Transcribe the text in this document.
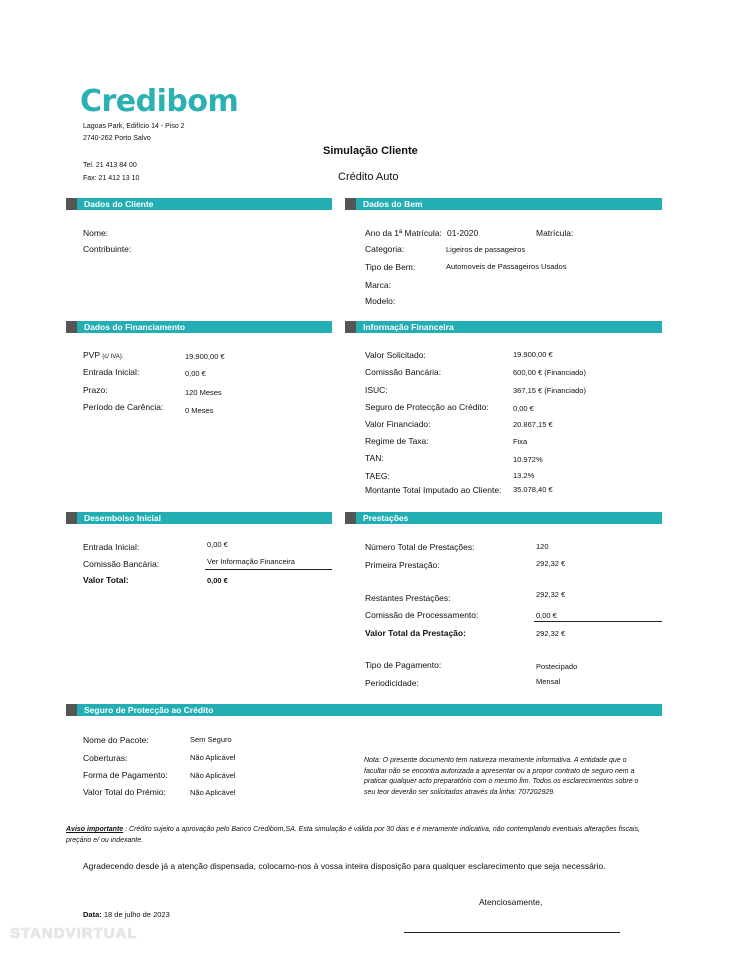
Credibom
Lagoas Park, Edifício 14 - Piso 2
2740-262 Porto Salvo
Tel. 21 413 84 00
Fax: 21 412 13 10
Simulação Cliente
Crédito Auto
Dados do Cliente
Nome:
Contribuinte:
Dados do Bem
Ano da 1ª Matrícula: 01-2020	Matrícula:
Categoria:	Ligeiros de passageiros
Tipo de Bem:	Automoveis de Passageiros Usados
Marca:
Modelo:
Dados do Financiamento
PVP (c/ IVA):	19.900,00 €
Entrada Inicial:	0,00 €
Prazo:	120 Meses
Período de Carência:	0 Meses
Informação Financeira
Valor Solicitado:	19.900,00 €
Comissão Bancária:	600,00 € (Financiado)
ISUC:	367,15 € (Financiado)
Seguro de Protecção ao Crédito:	0,00 €
Valor Financiado:	20.867,15 €
Regime de Taxa:	Fixa
TAN:	10.972%
TAEG:	13.2%
Montante Total Imputado ao Cliente: 35.078,40 €
Desembolso Inicial
Entrada Inicial:	0,00 €
Comissão Bancária:	Ver Informação Financeira
Valor Total:	0,00 €
Prestações
Número Total de Prestações:	120
Primeira Prestação:	292,32 €
Restantes Prestações:	292,32 €
Comissão de Processamento:	0,00 €
Valor Total da Prestação:	292,32 €
Tipo de Pagamento:	Postecipado
Periodicidade:	Mensal
Seguro de Protecção ao Crédito
Nome do Pacote:	Sem Seguro
Coberturas:	Não Aplicável
Forma de Pagamento:	Não Aplicável
Valor Total do Prémio:	Não Aplicável
Nota: O presente documento tem natureza meramente informativa. A entidade que o
facultar não se encontra autorizada a apresentar ou a propor contrato de seguro nem a
praticar qualquer acto preparatório com o mesmo fim. Todos os esclarecimentos sobre o
seu teor deverão ser solicitados através da linha: 707202929.
Aviso importante : Crédito sujeito a aprovação pelo Banco Credibom,SA. Esta simulação é válida por 30 dias e é meramente indicativa, não contemplando eventuais alterações fiscais,
preçário e/ ou indexante.
Agradecendo desde já a atenção dispensada, colocamo-nos à vossa inteira disposição para qualquer esclarecimento que seja necessário.
Atenciosamente,
Data: 18 de julho de 2023
STANDVIRTUAL
